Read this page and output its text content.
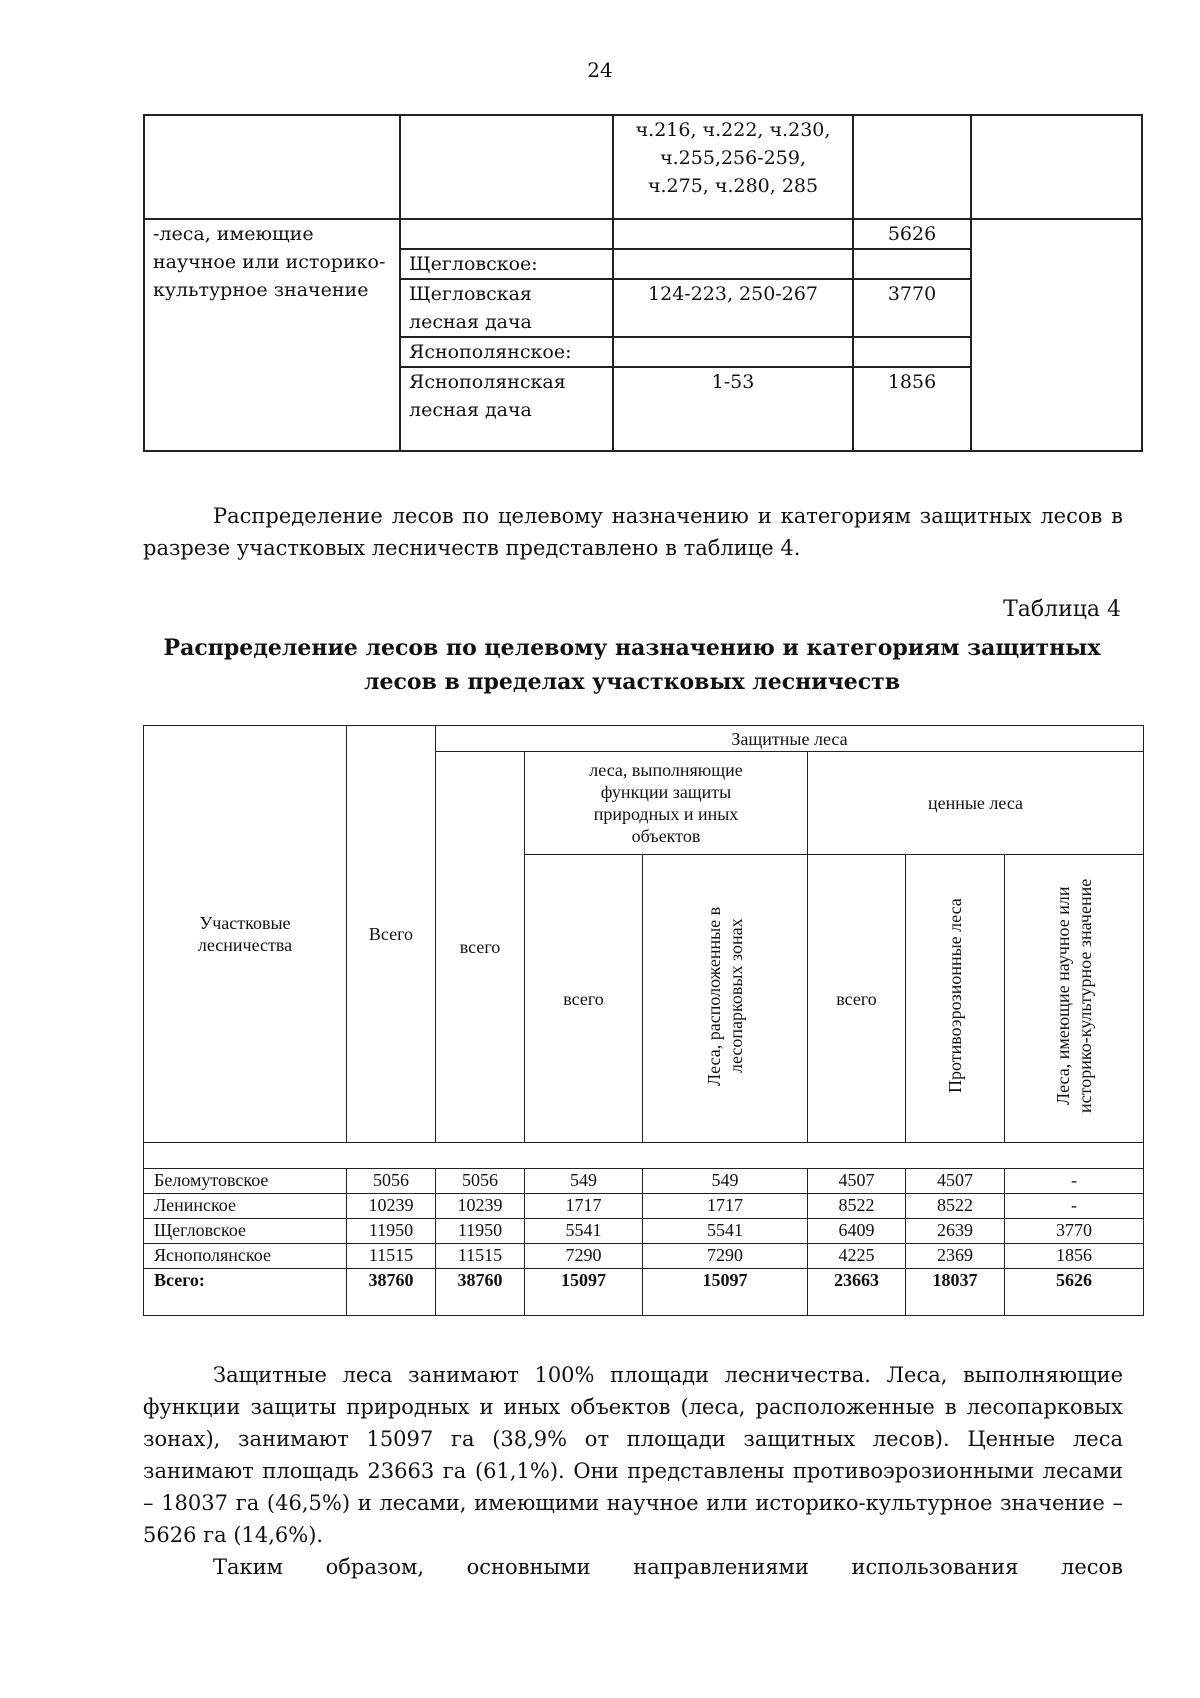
24
		ч.216, ч.222, ч.230, ч.255,256-259, ч.275, ч.280, 285		
-леса, имеющие научное или историко-культурное значение			5626	
	Щегловское:			
	Щегловская лесная дача	124-223, 250-267	3770	
	Яснополянское:			
	Яснополянская лесная дача	1-53	1856	

Распределение лесов по целевому назначению и категориям защитных лесов в разрезе участковых лесничеств представлено в таблице 4.
Таблица 4
Распределение лесов по целевому назначению и категориям защитных лесов в пределах участковых лесничеств
Участковые лесничества	Всего	Защитные леса					
		всего	леса, выполняющие функции защиты природных и иных объектов		ценные леса		
			всего	Леса, расположенные в лесопарковых зонах	всего	Противоэрозионные леса	Леса, имеющие научное или историко-культурное значение

Беломутовское	5056	5056	549	549	4507	4507	-
Ленинское	10239	10239	1717	1717	8522	8522	-
Щегловское	11950	11950	5541	5541	6409	2639	3770
Яснополянское	11515	11515	7290	7290	4225	2369	1856
Всего:	38760	38760	15097	15097	23663	18037	5626
Защитные леса занимают 100% площади лесничества. Леса, выполняющие функции защиты природных и иных объектов (леса, расположенные в лесопарковых зонах), занимают 15097 га (38,9% от площади защитных лесов). Ценные леса занимают площадь 23663 га (61,1%). Они представлены противоэрозионными лесами – 18037 га (46,5%) и лесами, имеющими научное или историко-культурное значение – 5626 га (14,6%).
Таким образом, основными направлениями использования лесов
